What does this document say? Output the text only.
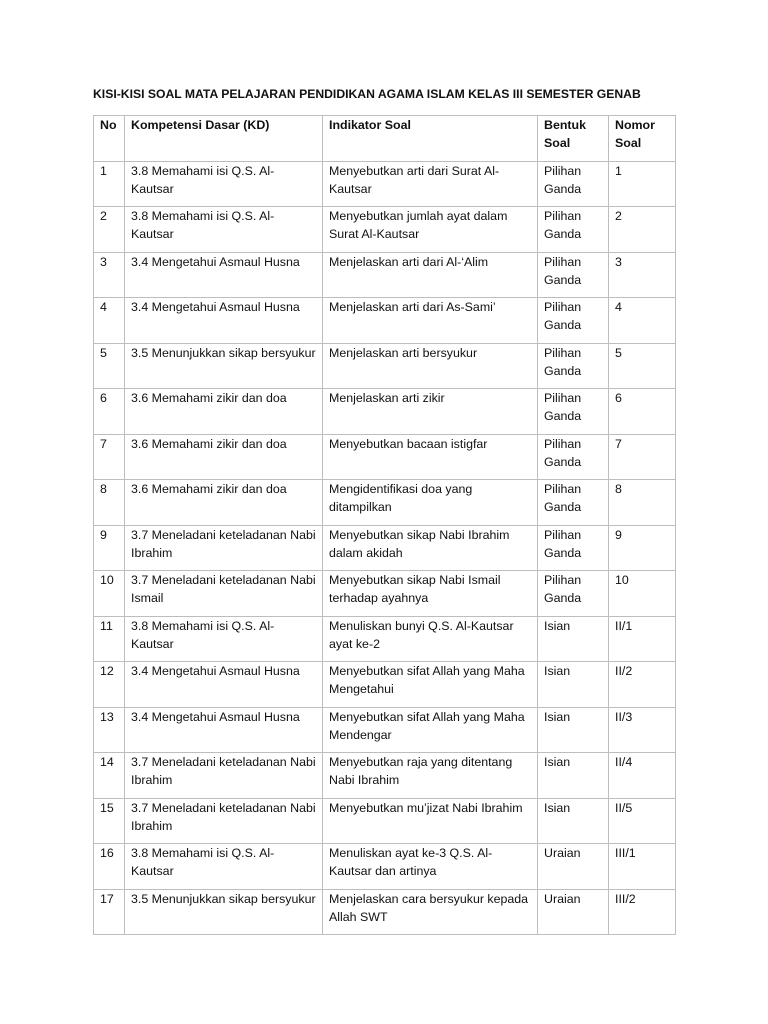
KISI-KISI SOAL MATA PELAJARAN PENDIDIKAN AGAMA ISLAM KELAS III SEMESTER GENAB
No	Kompetensi Dasar (KD)	Indikator Soal	Bentuk Soal	Nomor Soal

1	3.8 Memahami isi Q.S. Al-Kautsar	Menyebutkan arti dari Surat Al-Kautsar	Pilihan Ganda	1

2	3.8 Memahami isi Q.S. Al-Kautsar	Menyebutkan jumlah ayat dalam Surat Al-Kautsar	Pilihan Ganda	2

3	3.4 Mengetahui Asmaul Husna	Menjelaskan arti dari Al-‘Alim	Pilihan Ganda	3

4	3.4 Mengetahui Asmaul Husna	Menjelaskan arti dari As-Sami’	Pilihan Ganda	4

5	3.5 Menunjukkan sikap bersyukur	Menjelaskan arti bersyukur	Pilihan Ganda	5

6	3.6 Memahami zikir dan doa	Menjelaskan arti zikir	Pilihan Ganda	6

7	3.6 Memahami zikir dan doa	Menyebutkan bacaan istigfar	Pilihan Ganda	7

8	3.6 Memahami zikir dan doa	Mengidentifikasi doa yang ditampilkan	Pilihan Ganda	8

9	3.7 Meneladani keteladanan Nabi Ibrahim	Menyebutkan sikap Nabi Ibrahim dalam akidah	Pilihan Ganda	9

10	3.7 Meneladani keteladanan Nabi Ismail	Menyebutkan sikap Nabi Ismail terhadap ayahnya	Pilihan Ganda	10

11	3.8 Memahami isi Q.S. Al-Kautsar	Menuliskan bunyi Q.S. Al-Kautsar ayat ke-2	Isian	II/1

12	3.4 Mengetahui Asmaul Husna	Menyebutkan sifat Allah yang Maha Mengetahui	Isian	II/2

13	3.4 Mengetahui Asmaul Husna	Menyebutkan sifat Allah yang Maha Mendengar	Isian	II/3

14	3.7 Meneladani keteladanan Nabi Ibrahim	Menyebutkan raja yang ditentang Nabi Ibrahim	Isian	II/4

15	3.7 Meneladani keteladanan Nabi Ibrahim	Menyebutkan mu’jizat Nabi Ibrahim	Isian	II/5

16	3.8 Memahami isi Q.S. Al-Kautsar	Menuliskan ayat ke-3 Q.S. Al-Kautsar dan artinya	Uraian	III/1

17	3.5 Menunjukkan sikap bersyukur	Menjelaskan cara bersyukur kepada Allah SWT	Uraian	III/2
